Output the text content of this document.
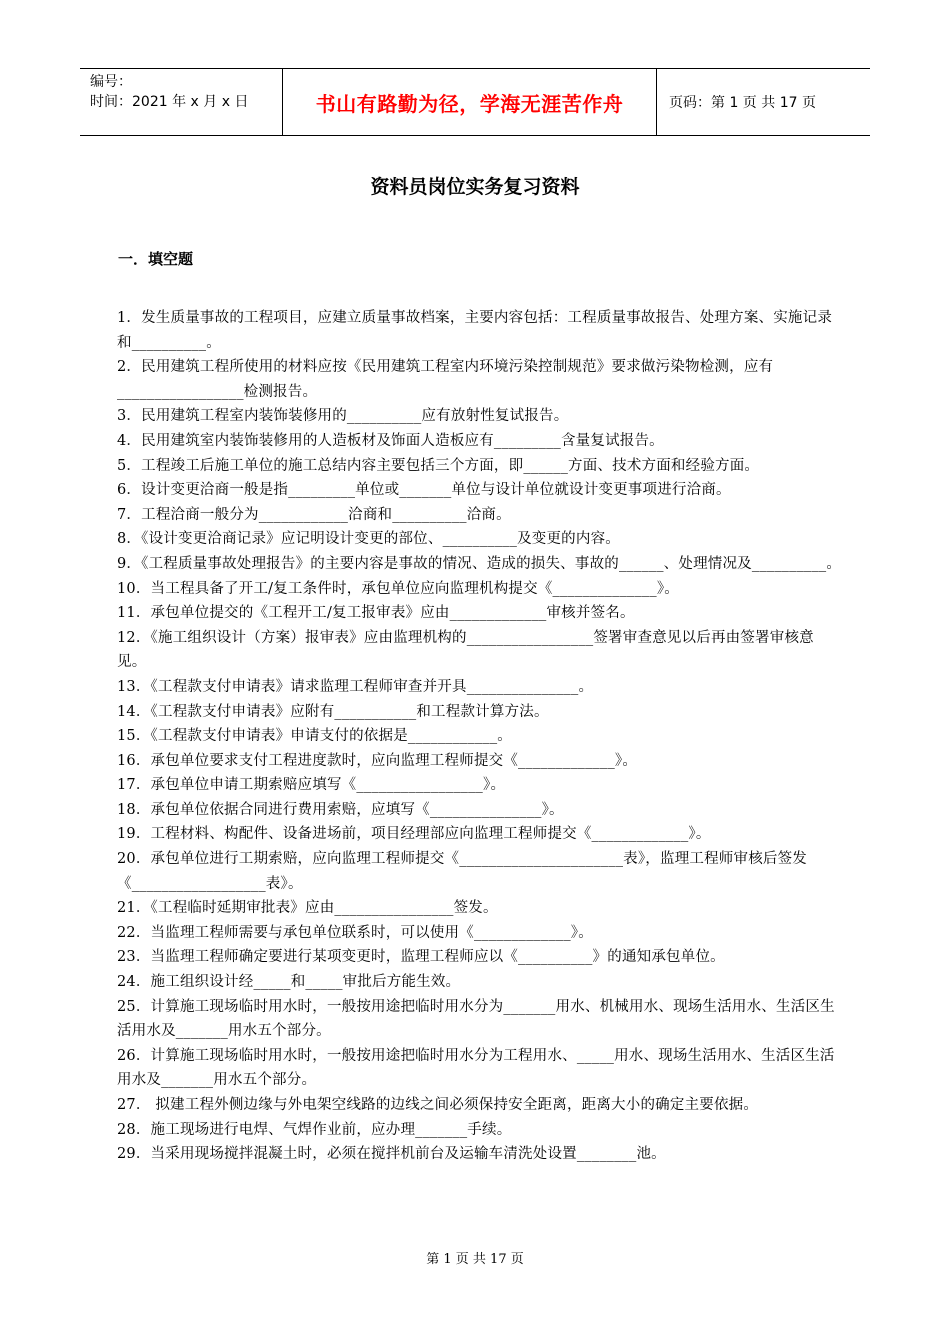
编号：
时间：2021 年 x 月 x 日	书山有路勤为径，学海无涯苦作舟	页码：第 1 页 共 17 页
资料员岗位实务复习资料
一．填空题
1．发生质量事故的工程项目，应建立质量事故档案，主要内容包括：工程质量事故报告、处理方案、实施记录和__________。
2．民用建筑工程所使用的材料应按《民用建筑工程室内环境污染控制规范》要求做污染物检测，应有_________________检测报告。
3．民用建筑工程室内装饰装修用的__________应有放射性复试报告。
4．民用建筑室内装饰装修用的人造板材及饰面人造板应有_________含量复试报告。
5．工程竣工后施工单位的施工总结内容主要包括三个方面，即______方面、技术方面和经验方面。
6．设计变更洽商一般是指_________单位或_______单位与设计单位就设计变更事项进行洽商。
7．工程洽商一般分为____________洽商和__________洽商。
8．《设计变更洽商记录》应记明设计变更的部位、__________及变更的内容。
9．《工程质量事故处理报告》的主要内容是事故的情况、造成的损失、事故的______、处理情况及__________。
10．当工程具备了开工/复工条件时，承包单位应向监理机构提交《______________》。
11．承包单位提交的《工程开工/复工报审表》应由_____________审核并签名。
12．《施工组织设计（方案）报审表》应由监理机构的_________________签署审查意见以后再由签署审核意见。
13．《工程款支付申请表》请求监理工程师审查并开具_______________。
14．《工程款支付申请表》应附有___________和工程款计算方法。
15．《工程款支付申请表》申请支付的依据是____________。
16．承包单位要求支付工程进度款时，应向监理工程师提交《_____________》。
17．承包单位申请工期索赔应填写《_________________》。
18．承包单位依据合同进行费用索赔，应填写《_______________》。
19．工程材料、构配件、设备进场前，项目经理部应向监理工程师提交《_____________》。
20．承包单位进行工期索赔，应向监理工程师提交《______________________表》，监理工程师审核后签发《__________________表》。
21．《工程临时延期审批表》应由________________签发。
22．当监理工程师需要与承包单位联系时，可以使用《_____________》。
23．当监理工程师确定要进行某项变更时，监理工程师应以《__________》的通知承包单位。
24．施工组织设计经_____和_____审批后方能生效。
25．计算施工现场临时用水时，一般按用途把临时用水分为_______用水、机械用水、现场生活用水、生活区生活用水及_______用水五个部分。
26．计算施工现场临时用水时，一般按用途把临时用水分为工程用水、_____用水、现场生活用水、生活区生活用水及_______用水五个部分。
27． 拟建工程外侧边缘与外电架空线路的边线之间必须保持安全距离，距离大小的确定主要依据。
28．施工现场进行电焊、气焊作业前，应办理_______手续。
29．当采用现场搅拌混凝土时，必须在搅拌机前台及运输车清洗处设置________池。
第 1 页 共 17 页
